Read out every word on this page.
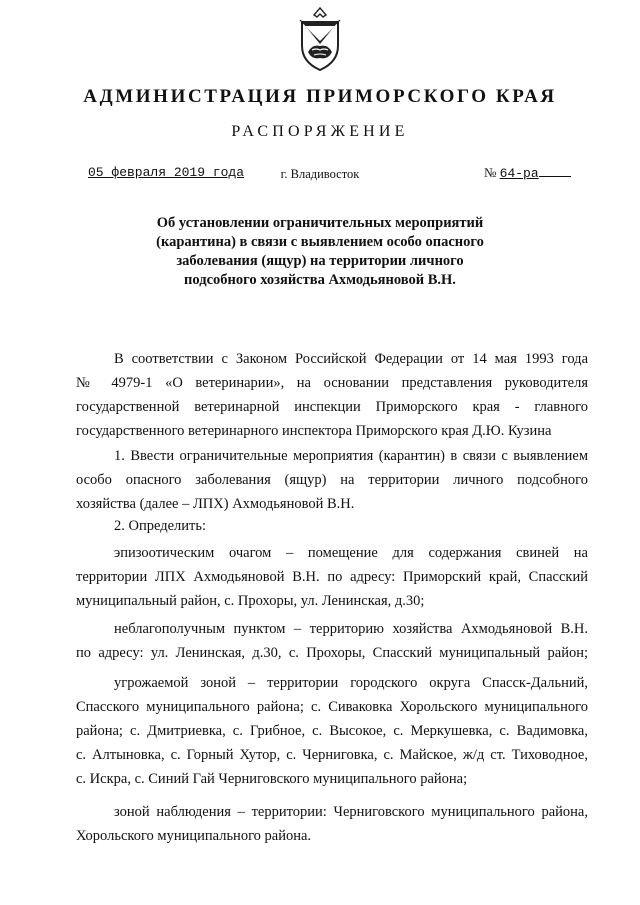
АДМИНИСТРАЦИЯ ПРИМОРСКОГО КРАЯ
РАСПОРЯЖЕНИЕ
05 февраля 2019 года	г. Владивосток	№ 64-ра
Об установлении ограничительных мероприятий
(карантина) в связи с выявлением особо опасного
заболевания (ящур) на территории личного
подсобного хозяйства Ахмодьяновой В.Н.
В соответствии с Законом Российской Федерации от 14 мая 1993 года
№ 4979-1 «О ветеринарии», на основании представления руководителя
государственной ветеринарной инспекции Приморского края - главного
государственного ветеринарного инспектора Приморского края Д.Ю. Кузина
1. Ввести ограничительные мероприятия (карантин) в связи с выявлением
особо опасного заболевания (ящур) на территории личного подсобного
хозяйства (далее – ЛПХ) Ахмодьяновой В.Н.
2. Определить:
эпизоотическим очагом – помещение для содержания свиней на
территории ЛПХ Ахмодьяновой В.Н. по адресу: Приморский край, Спасский
муниципальный район, с. Прохоры, ул. Ленинская, д.30;
неблагополучным пунктом – территорию хозяйства Ахмодьяновой В.Н.
по адресу: ул. Ленинская, д.30, с. Прохоры, Спасский муниципальный район;
угрожаемой зоной – территории городского округа Спасск-Дальний,
Спасского муниципального района; с. Сиваковка Хорольского муниципального
района; с. Дмитриевка, с. Грибное, с. Высокое, с. Меркушевка, с. Вадимовка,
с. Алтыновка, с. Горный Хутор, с. Черниговка, с. Майское, ж/д ст. Тиховодное,
с. Искра, с. Синий Гай Черниговского муниципального района;
зоной наблюдения – территории: Черниговского муниципального района,
Хорольского муниципального района.
